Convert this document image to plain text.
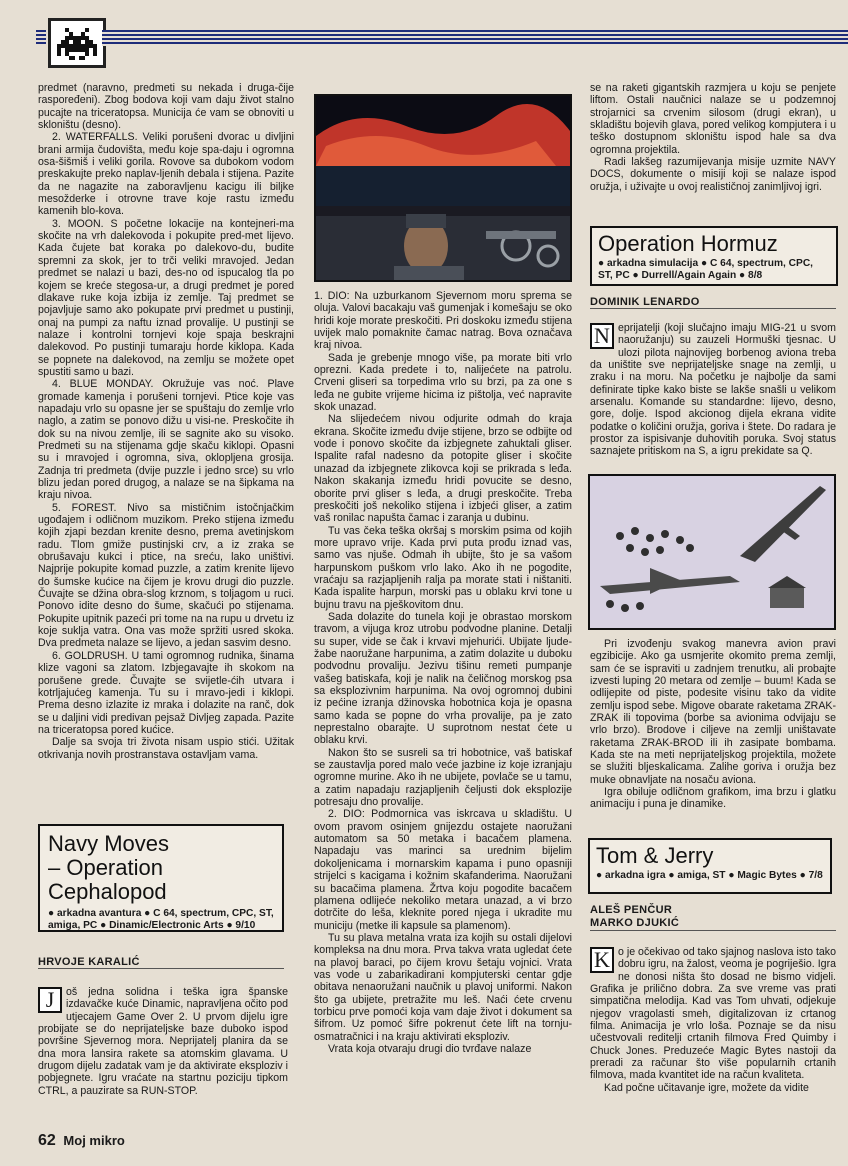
predmet (naravno, predmeti su nekada i druga-čije raspoređeni). Zbog bodova koji vam daju život stalno pucajte na triceratopsa. Municija će vam se obnoviti u skloništu (desno).

2. WATERFALLS. Veliki porušeni dvorac u divljini brani armija čudovišta, među koje spa-daju i ogromna osa-šišmiš i veliki gorila. Rovove sa dubokom vodom preskakujte preko naplav-ljenih debala i stijena. Pazite da ne nagazite na zaboravljenu kacigu ili biljke mesožderke i otrovne trave koje rastu između kamenih blo-kova.

3. MOON. S početne lokacije na kontejneri-ma skočite na vrh dalekovoda i pokupite pred-met lijevo. Kada čujete bat koraka po dalekovo-du, budite spremni za skok, jer to trči veliki mravojed. Jedan predmet se nalazi u bazi, des-no od ispucalog tla po kojem se kreće stegosa-ur, a drugi predmet je pored dlakave ruke koja izbija iz zemlje. Taj predmet se pojavljuje samo ako pokupate prvi predmet u pustinji, onaj na pumpi za naftu iznad provalije. U pustinji se nalaze i kontrolni tornjevi koje spaja beskrajni dalekovod. Po pustinji tumaraju horde kiklopa. Kada se popnete na dalekovod, na zemlju se možete opet spustiti samo u bazi.

4. BLUE MONDAY. Okružuje vas noć. Plave gromade kamenja i porušeni tornjevi. Ptice koje vas napadaju vrlo su opasne jer se spuštaju do zemlje vrlo naglo, a zatim se ponovo dižu u visi-ne. Preskočite ih dok su na nivou zemlje, ili se sagnite ako su visoko. Predmeti su na stijenama gdje skaču kiklopi. Opasni su i mravojed i ogromna, siva, okloplјena grosija. Zadnja tri predmeta (dvije puzzle i jedno srce) su vrlo blizu jedan pored drugog, a nalaze se na šipkama na kraju nivoa.

5. FOREST. Nivo sa mističnim istočnjačkim ugođajem i odličnom muzikom. Preko stijena između kojih zjapi bezdan krenite desno, prema avetinjskom radu. Tlom gmiže pustinjski crv, a iz zraka se obrušavaju kukci i ptice, na sreću, lako uništivi. Najprije pokupite komad puzzle, a zatim krenite lijevo do šumske kućice na čijem je krovu drugi dio puzzle. Čuvajte se džina obra-slog krznom, s toljagom u ruci. Ponovo idite desno do šume, skačući po stijenama. Pokupite upitnik pazeći pri tome na na rupu u drvetu iz koje suklja vatra. Ona vas može spržiti usred skoka. Dva predmeta nalaze se lijevo, a jedan sasvim desno.

6. GOLDRUSH. U tami ogromnog rudnika, šinama klize vagoni sa zlatom. Izbjegavajte ih skokom na porušene grede. Čuvajte se svijetle-ćih utvara i kotrljajućeg kamenja. Tu su i mravo-jedi i kiklopi. Prema desno izlazite iz mraka i dolazite na ranč, dok se u daljini vidi predivan pejsaž Divljeg zapada. Pazite na triceratopsa pored kućice.

Dalje sa svoja tri života nisam uspio stići. Užitak otkrivanja novih prostranstava ostavljam vama.

Navy Moves
– Operation
Cephalopod
● arkadna avantura ● C 64, spectrum, CPC, ST, amiga, PC ● Dinamic/Electronic Arts ● 9/10
HRVOJE KARALIĆ
J	oš jedna solidna i teška igra španske izdavačke kuće Dinamic, napravljena očito pod utjecajem Game Over 2. U prvom dijelu igre probijate se do neprijateljske baze duboko ispod površine Sjevernog mora. Neprijatelj planira da se dna mora lansira rakete sa atomskim glavama. U drugom dijelu zadatak vam je da aktivirate eksploziv i pobjegnete. Igru vraćate na startnu poziciju tipkom CTRL, a pauzirate sa RUN-STOP.
62 Moj mikro

1. DIO: Na uzburkanom Sjevernom moru sprema se oluja. Valovi bacakaju vaš gumenjak i komešaju se oko hridi koje morate preskočiti. Pri doskoku između stijena uvijek malo pomaknite čamac natrag. Bova označava kraj nivoa.

Sada je grebenje mnogo više, pa morate biti vrlo oprezni. Kada predete i to, nalijećete na patrolu. Crveni gliseri sa torpedima vrlo su brzi, pa za one s leđa ne gubite vrijeme hicima iz pištolja, već napravite skok unazad.

Na slijedećem nivou odjurite odmah do kraja ekrana. Skočite između dvije stijene, brzo se odbijte od vode i ponovo skočite da izbjegnete zahuktali gliser. Ispalite rafal nadesno da potopite gliser i skočite unazad da izbjegnete zlikovca koji se prikrada s leđa. Nakon skakanja između hridi povucite se desno, oborite prvi gliser s leđa, a drugi preskočite. Treba preskočiti još nekoliko stijena i izbjeći gliser, a zatim vaš ronilac napušta čamac i zaranja u dubinu.

Tu vas čeka teška okršaj s morskim psima od kojih more upravo vrije. Kada prvi puta prođu iznad vas, samo vas njuše. Odmah ih ubijte, što je sa vašom harpunskom puškom vrlo lako. Ako ih ne pogodite, vraćaju sa razjapljenih ralja pa morate stati i ništaniti. Kada ispalite harpun, morski pas u oblaku krvi tone u bujnu travu na pješkovitom dnu.

Sada dolazite do tunela koji je obrastao morskom travom, a vijuga kroz utrobu podvodne planine. Detalji su super, vide se čak i krvavi mjehurići. Ubijate ljude-žabe naoružane harpunima, a zatim dolazite u duboku podvodnu provaliju. Jezivu tišinu remeti pumpanje vašeg batiskafa, koji je nalik na čeličnog morskog psa sa eksplozivnim harpunima. Na ovoj ogromnoj dubini iz pećine izranja džinovska hobotnica koja je opasna samo kada se popne do vrha provalije, pa je zato neprestalno obarajte. U suprotnom nestat ćete u oblaku krvi.

Nakon što se susreli sa tri hobotnice, vaš batiskaf se zaustavlja pored malo veće jazbine iz koje izranjaju ogromne murine. Ako ih ne ubijete, povlače se u tamu, a zatim napadaju razjapljenih čeljusti dok eksplozije potresaju dno provalije.

2. DIO: Podmornica vas iskrcava u skladištu. U ovom pravom osinjem gnijezdu ostajete naoružani automatom sa 50 metaka i bacačem plamena. Napadaju vas marinci sa urednim bijelim dokoljenicama i mornarskim kapama i puno opasniji strijelci s kacigama i kožnim skafanderima. Naoružani su bacačima plamena. Žrtva koju pogodite bacačem plamena odlijeće nekoliko metara unazad, a vi brzo dotrčite do leša, kleknite pored njega i ukradite mu municiju (metke ili kapsule sa plamenom).

Tu su plava metalna vrata iza kojih su ostali dijelovi kompleksa na dnu mora. Prva takva vrata ugledat ćete na plavoj baraci, po čijem krovu šetaju vojnici. Vrata vas vode u zabarikadirani kompjuterski centar gdje obitava nenaoružani naučnik u plavoj uniformi. Nakon što ga ubijete, pretražite mu leš. Naći ćete crvenu torbicu prve pomoći koja vam daje život i dokument sa šifrom. Uz pomoć šifre pokrenut ćete lift na tornju-osmatračnici i na kraju aktivirati eksploziv.

Vrata koja otvaraju drugi dio tvrđave nalaze

se na raketi gigantskih razmjera u koju se penjete liftom. Ostali naučnici nalaze se u podzemnoj strojarnici sa crvenim silosom (drugi ekran), u skladištu bojevih glava, pored velikog kompjutera i u teško dostupnom skloništu ispod hale sa dva ogromna projektila.

Radi lakšeg razumijevanja misije uzmite NAVY DOCS, dokumente o misiji koji se nalaze ispod oružja, i uživajte u ovoj realističnoj zanimljivoj igri.

Operation Hormuz
● arkadna simulacija ● C 64, spectrum, CPC, ST, PC ● Durrell/Again Again ● 8/8
DOMINIK LENARDO
N eprijatelji (koji slučajno imaju MIG-21 u svom naoružanju) su zauzeli Hormuški tjesnac. U ulozi pilota najnovijeg borbenog aviona treba da uništite sve neprijateljske snage na zemlji, u zraku i na moru. Na početku je najbolje da sami definirate tipke kako biste se lakše snašli u velikom arsenalu. Komande su standardne: lijevo, desno, gore, dolje. Ispod akcionog dijela ekrana vidite podatke o količini oružja, goriva i štete. Do radara je prostor za ispisivanje duhovitih poruka. Svoj status saznajete pritiskom na S, a igru prekidate sa Q.

Pri izvođenju svakog manevra avion pravi egzibicije. Ako ga usmjerite okomito prema zemlji, sam će se ispraviti u zadnjem trenutku, ali probajte izvesti luping 20 metara od zemlje – buum! Kada se odlijepite od piste, podesite visinu tako da vidite zemlju ispod sebe. Migove obarate raketama ZRAK-ZRAK ili topovima (borbe sa avionima odvijaju se vrlo brzo). Brodove i ciljeve na zemlji uništavate raketama ZRAK-BROD ili ih zasipate bombama. Kada ste na meti neprijateljskog projektila, možete se služiti bljeskalicama. Zalihe goriva i oružja bez muke obnavljate na nosaču aviona.

Igra obiluje odličnom grafikom, ima brzu i glatku animaciju i puna je dinamike.

Tom & Jerry
● arkadna igra ● amiga, ST ● Magic Bytes ● 7/8
ALEŠ PENČUR
MARKO DJUKIĆ
K o je očekivao od tako sjajnog naslova isto tako dobru igru, na žalost, veoma je pogriješio. Igra ne donosi ništa što dosad ne bismo vidjeli. Grafika je prilično dobra. Za sve vreme vas prati simpatična melodija. Kad vas Tom uhvati, odjekuje njegov vragolasti smeh, digitalizovan iz crtanog filma. Animacija je vrlo loša. Poznaje se da nisu učestvovali reditelji crtanih filmova Fred Quimby i Chuck Jones. Preduzeće Magic Bytes nastoji da preradi za računar što više popularnih crtanih filmova, mada kvantitet ide na račun kvaliteta.

Kad počne učitavanje igre, možete da vidite
